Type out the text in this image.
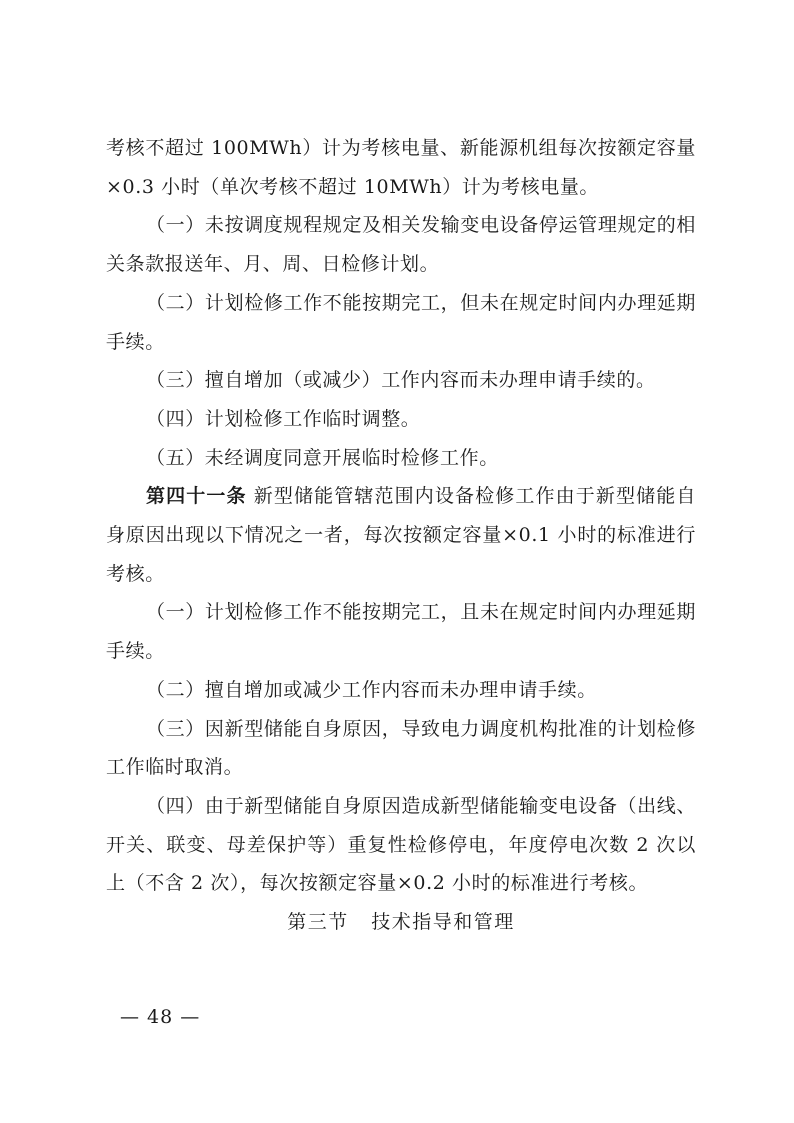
考核不超过 100MWh）计为考核电量、新能源机组每次按额定容量×0.3 小时（单次考核不超过 10MWh）计为考核电量。

（一）未按调度规程规定及相关发输变电设备停运管理规定的相关条款报送年、月、周、日检修计划。

（二）计划检修工作不能按期完工，但未在规定时间内办理延期手续。

（三）擅自增加（或减少）工作内容而未办理申请手续的。

（四）计划检修工作临时调整。

（五）未经调度同意开展临时检修工作。

第四十一条 新型储能管辖范围内设备检修工作由于新型储能自身原因出现以下情况之一者，每次按额定容量×0.1 小时的标准进行考核。

（一）计划检修工作不能按期完工，且未在规定时间内办理延期手续。

（二）擅自增加或减少工作内容而未办理申请手续。

（三）因新型储能自身原因，导致电力调度机构批准的计划检修工作临时取消。

（四）由于新型储能自身原因造成新型储能输变电设备（出线、开关、联变、母差保护等）重复性检修停电，年度停电次数 2 次以上（不含 2 次），每次按额定容量×0.2 小时的标准进行考核。

第三节   技术指导和管理

— 48 —
